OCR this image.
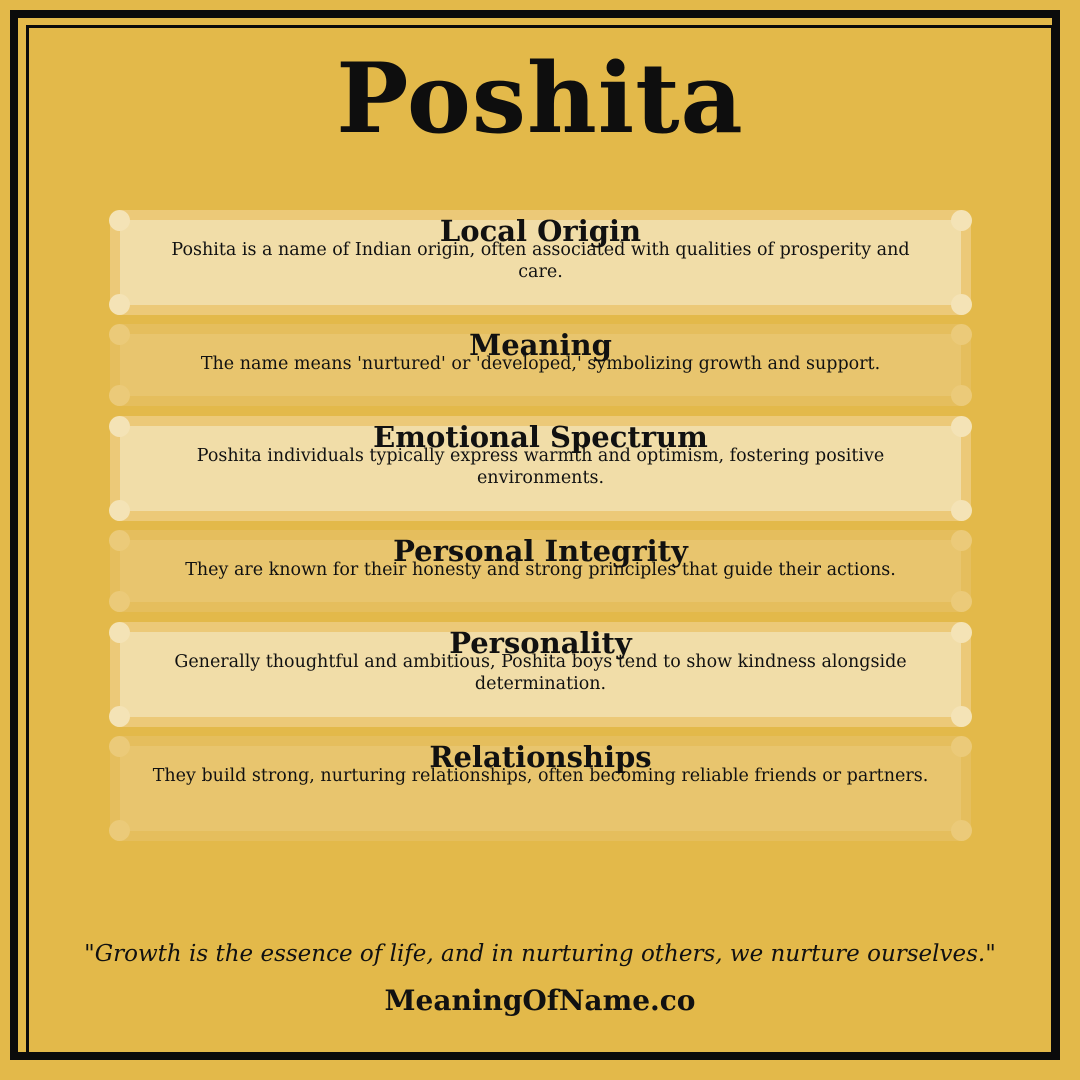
Poshita
Local Origin
Poshita is a name of Indian origin, often associated with qualities of prosperity and care.
Meaning
The name means 'nurtured' or 'developed,' symbolizing growth and support.
Emotional Spectrum
Poshita individuals typically express warmth and optimism, fostering positive environments.
Personal Integrity
They are known for their honesty and strong principles that guide their actions.
Personality
Generally thoughtful and ambitious, Poshita boys tend to show kindness alongside determination.
Relationships
They build strong, nurturing relationships, often becoming reliable friends or partners.
"Growth is the essence of life, and in nurturing others, we nurture ourselves."
MeaningOfName.co
